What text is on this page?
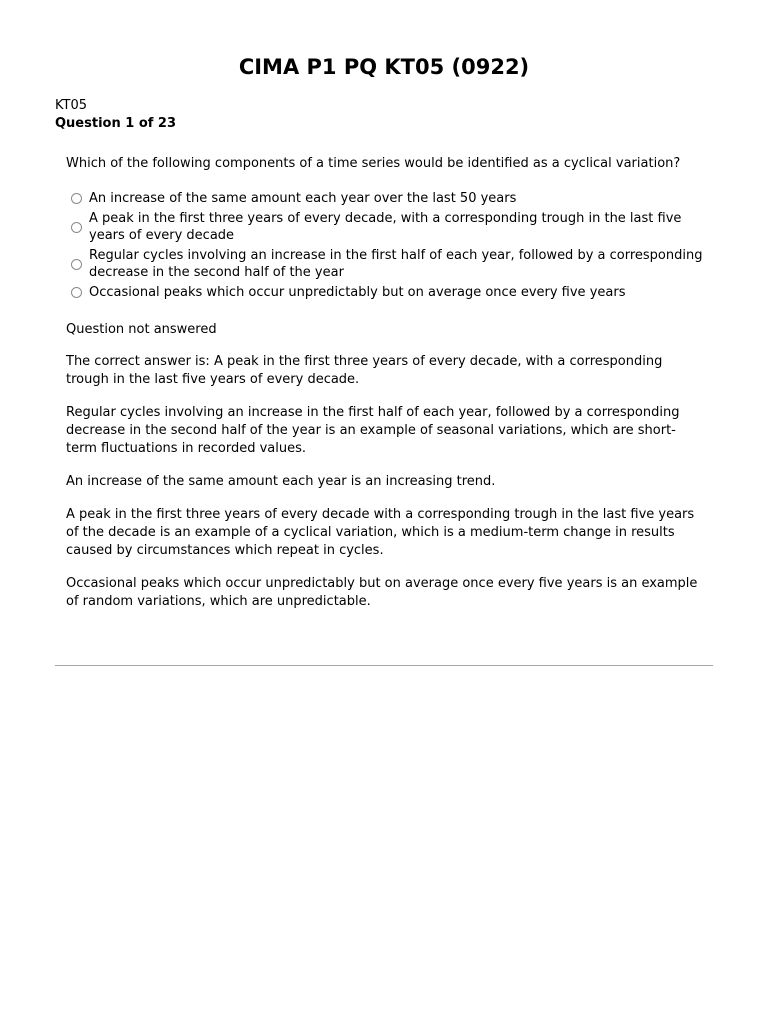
CIMA P1 PQ KT05 (0922)
KT05
Question 1 of 23

Which of the following components of a time series would be identified as a cyclical variation?

An increase of the same amount each year over the last 50 years
A peak in the first three years of every decade, with a corresponding trough in the last five years of every decade
Regular cycles involving an increase in the first half of each year, followed by a corresponding decrease in the second half of the year
Occasional peaks which occur unpredictably but on average once every five years

Question not answered

The correct answer is: A peak in the first three years of every decade, with a corresponding trough in the last five years of every decade.

Regular cycles involving an increase in the first half of each year, followed by a corresponding decrease in the second half of the year is an example of seasonal variations, which are short-term fluctuations in recorded values.

An increase of the same amount each year is an increasing trend.

A peak in the first three years of every decade with a corresponding trough in the last five years of the decade is an example of a cyclical variation, which is a medium-term change in results caused by circumstances which repeat in cycles.

Occasional peaks which occur unpredictably but on average once every five years is an example of random variations, which are unpredictable.
